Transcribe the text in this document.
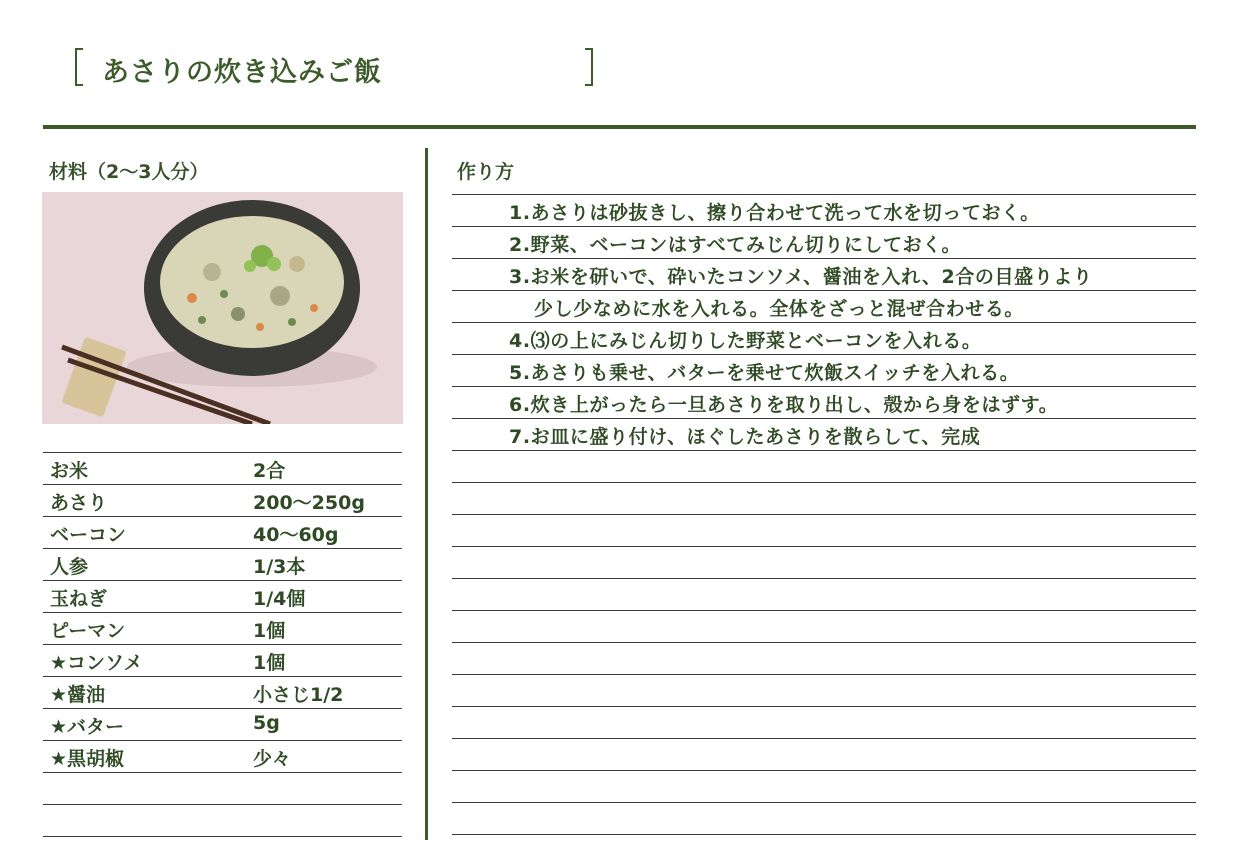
あさりの炊き込みご飯
材料（2〜3人分）	作り方
お米	2合
あさり	200〜250g
ベーコン	40〜60g
人参	1/3本
玉ねぎ	1/4個
ピーマン	1個
★コンソメ	1個
★醤油	小さじ1/2
★バター	5g
★黒胡椒	少々
1.あさりは砂抜きし、擦り合わせて洗って水を切っておく。
2.野菜、ベーコンはすべてみじん切りにしておく。
3.お米を研いで、砕いたコンソメ、醤油を入れ、2合の目盛りより
少し少なめに水を入れる。全体をざっと混ぜ合わせる。
4.⑶の上にみじん切りした野菜とベーコンを入れる。
5.あさりも乗せ、バターを乗せて炊飯スイッチを入れる。
6.炊き上がったら一旦あさりを取り出し、殻から身をはずす。
7.お皿に盛り付け、ほぐしたあさりを散らして、完成
